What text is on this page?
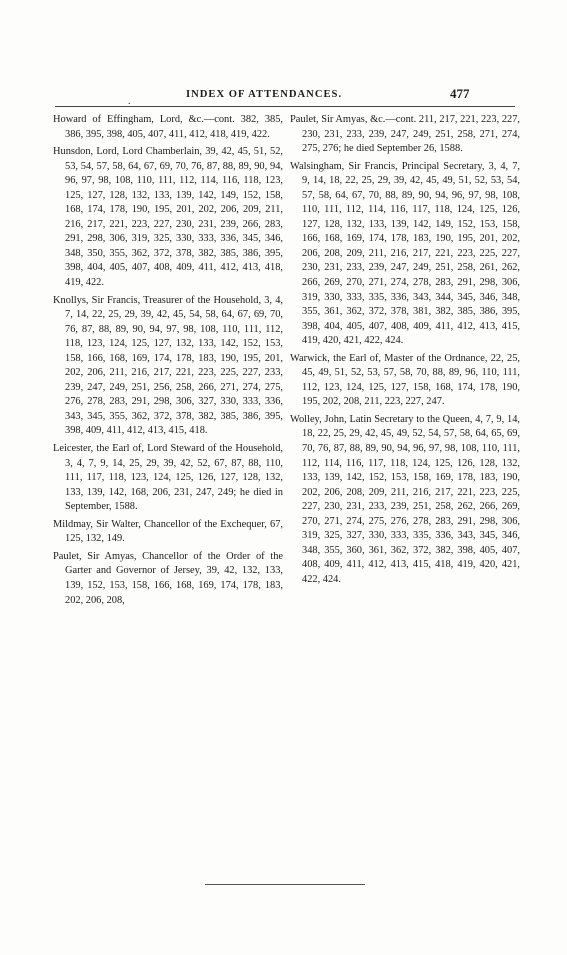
.
INDEX OF ATTENDANCES.	477

Howard of Effingham, Lord, &c.—cont. 382, 385, 386, 395, 398, 405, 407, 411, 412, 418, 419, 422.

Hunsdon, Lord, Lord Chamberlain, 39, 42, 45, 51, 52, 53, 54, 57, 58, 64, 67, 69, 70, 76, 87, 88, 89, 90, 94, 96, 97, 98, 108, 110, 111, 112, 114, 116, 118, 123, 125, 127, 128, 132, 133, 139, 142, 149, 152, 158, 168, 174, 178, 190, 195, 201, 202, 206, 209, 211, 216, 217, 221, 223, 227, 230, 231, 239, 266, 283, 291, 298, 306, 319, 325, 330, 333, 336, 345, 346, 348, 350, 355, 362, 372, 378, 382, 385, 386, 395, 398, 404, 405, 407, 408, 409, 411, 412, 413, 418, 419, 422.

Knollys, Sir Francis, Treasurer of the Household, 3, 4, 7, 14, 22, 25, 29, 39, 42, 45, 54, 58, 64, 67, 69, 70, 76, 87, 88, 89, 90, 94, 97, 98, 108, 110, 111, 112, 118, 123, 124, 125, 127, 132, 133, 142, 152, 153, 158, 166, 168, 169, 174, 178, 183, 190, 195, 201, 202, 206, 211, 216, 217, 221, 223, 225, 227, 233, 239, 247, 249, 251, 256, 258, 266, 271, 274, 275, 276, 278, 283, 291, 298, 306, 327, 330, 333, 336, 343, 345, 355, 362, 372, 378, 382, 385, 386, 395, 398, 409, 411, 412, 413, 415, 418.

Leicester, the Earl of, Lord Steward of the Household, 3, 4, 7, 9, 14, 25, 29, 39, 42, 52, 67, 87, 88, 110, 111, 117, 118, 123, 124, 125, 126, 127, 128, 132, 133, 139, 142, 168, 206, 231, 247, 249; he died in September, 1588.

Mildmay, Sir Walter, Chancellor of the Exchequer, 67, 125, 132, 149.

Paulet, Sir Amyas, Chancellor of the Order of the Garter and Governor of Jersey, 39, 42, 132, 133, 139, 152, 153, 158, 166, 168, 169, 174, 178, 183, 202, 206, 208,

Paulet, Sir Amyas, &c.—cont. 211, 217, 221, 223, 227, 230, 231, 233, 239, 247, 249, 251, 258, 271, 274, 275, 276; he died September 26, 1588.

Walsingham, Sir Francis, Principal Secretary, 3, 4, 7, 9, 14, 18, 22, 25, 29, 39, 42, 45, 49, 51, 52, 53, 54, 57, 58, 64, 67, 70, 88, 89, 90, 94, 96, 97, 98, 108, 110, 111, 112, 114, 116, 117, 118, 124, 125, 126, 127, 128, 132, 133, 139, 142, 149, 152, 153, 158, 166, 168, 169, 174, 178, 183, 190, 195, 201, 202, 206, 208, 209, 211, 216, 217, 221, 223, 225, 227, 230, 231, 233, 239, 247, 249, 251, 258, 261, 262, 266, 269, 270, 271, 274, 278, 283, 291, 298, 306, 319, 330, 333, 335, 336, 343, 344, 345, 346, 348, 355, 361, 362, 372, 378, 381, 382, 385, 386, 395, 398, 404, 405, 407, 408, 409, 411, 412, 413, 415, 419, 420, 421, 422, 424.

Warwick, the Earl of, Master of the Ordnance, 22, 25, 45, 49, 51, 52, 53, 57, 58, 70, 88, 89, 96, 110, 111, 112, 123, 124, 125, 127, 158, 168, 174, 178, 190, 195, 202, 208, 211, 223, 227, 247.

Wolley, John, Latin Secretary to the Queen, 4, 7, 9, 14, 18, 22, 25, 29, 42, 45, 49, 52, 54, 57, 58, 64, 65, 69, 70, 76, 87, 88, 89, 90, 94, 96, 97, 98, 108, 110, 111, 112, 114, 116, 117, 118, 124, 125, 126, 128, 132, 133, 139, 142, 152, 153, 158, 169, 178, 183, 190, 202, 206, 208, 209, 211, 216, 217, 221, 223, 225, 227, 230, 231, 233, 239, 251, 258, 262, 266, 269, 270, 271, 274, 275, 276, 278, 283, 291, 298, 306, 319, 325, 327, 330, 333, 335, 336, 343, 345, 346, 348, 355, 360, 361, 362, 372, 382, 398, 405, 407, 408, 409, 411, 412, 413, 415, 418, 419, 420, 421, 422, 424.
